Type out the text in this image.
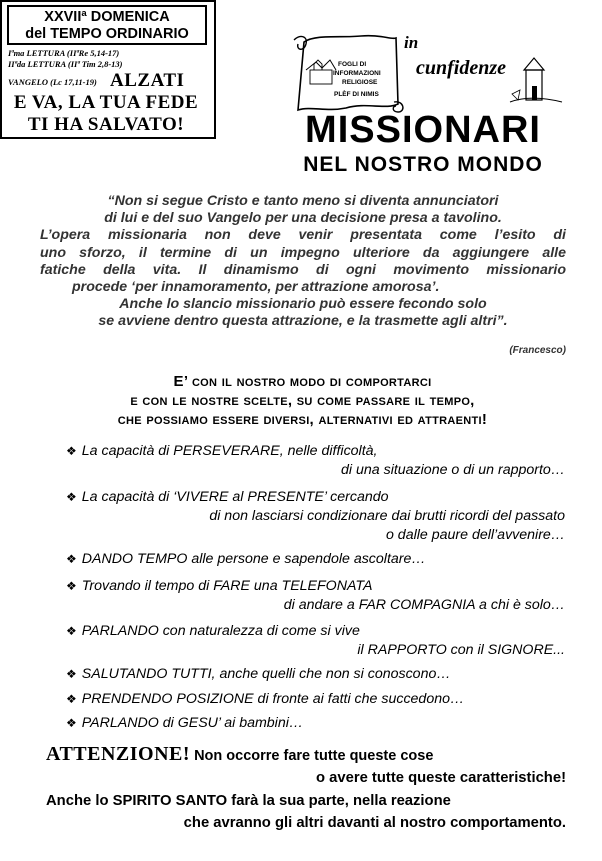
XXVIIª DOMENICA
del TEMPO ORDINARIO
Iªma LETTURA (IIªRe 5,14-17)
IIªda LETTURA (IIª Tim 2,8-13)
VANGELO (Lc 17,11-19) ALZATI
E VA, LA TUA FEDE
TI HA SALVATO!
FOGLI DI
INFORMAZIONI
RELIGIOSE
PLÈF DI NIMIS
in
cunfidenze
MISSIONARI
NEL NOSTRO MONDO
“Non si segue Cristo e tanto meno si diventa annunciatori
di lui e del suo Vangelo per una decisione presa a tavolino.
L’opera missionaria non deve venir presentata come l’esito di
uno sforzo, il termine di un impegno ulteriore da aggiungere alle
fatiche della vita. Il dinamismo di ogni movimento missionario
procede ‘per innamoramento, per attrazione amorosa’.
Anche lo slancio missionario può essere fecondo solo
se avviene dentro questa attrazione, e la trasmette agli altri”.
(Francesco)
E’ con il nostro modo di comportarci
e con le nostre scelte, su come passare il tempo,
che possiamo essere diversi, alternativi ed attraenti!
❖ La capacità di PERSEVERARE, nelle difficoltà,
di una situazione o di un rapporto…
❖ La capacità di ‘VIVERE al PRESENTE’ cercando
di non lasciarsi condizionare dai brutti ricordi del passato
o dalle paure dell’avvenire…
❖ DANDO TEMPO alle persone e sapendole ascoltare…
❖ Trovando il tempo di FARE una TELEFONATA
di andare a FAR COMPAGNIA a chi è solo…
❖ PARLANDO con naturalezza di come si vive
il RAPPORTO con il SIGNORE...
❖ SALUTANDO TUTTI, anche quelli che non si conoscono…
❖ PRENDENDO POSIZIONE di fronte ai fatti che succedono…
❖ PARLANDO di GESU’ ai bambini…
ATTENZIONE! Non occorre fare tutte queste cose
o avere tutte queste caratteristiche!
Anche lo SPIRITO SANTO farà la sua parte, nella reazione
che avranno gli altri davanti al nostro comportamento.
